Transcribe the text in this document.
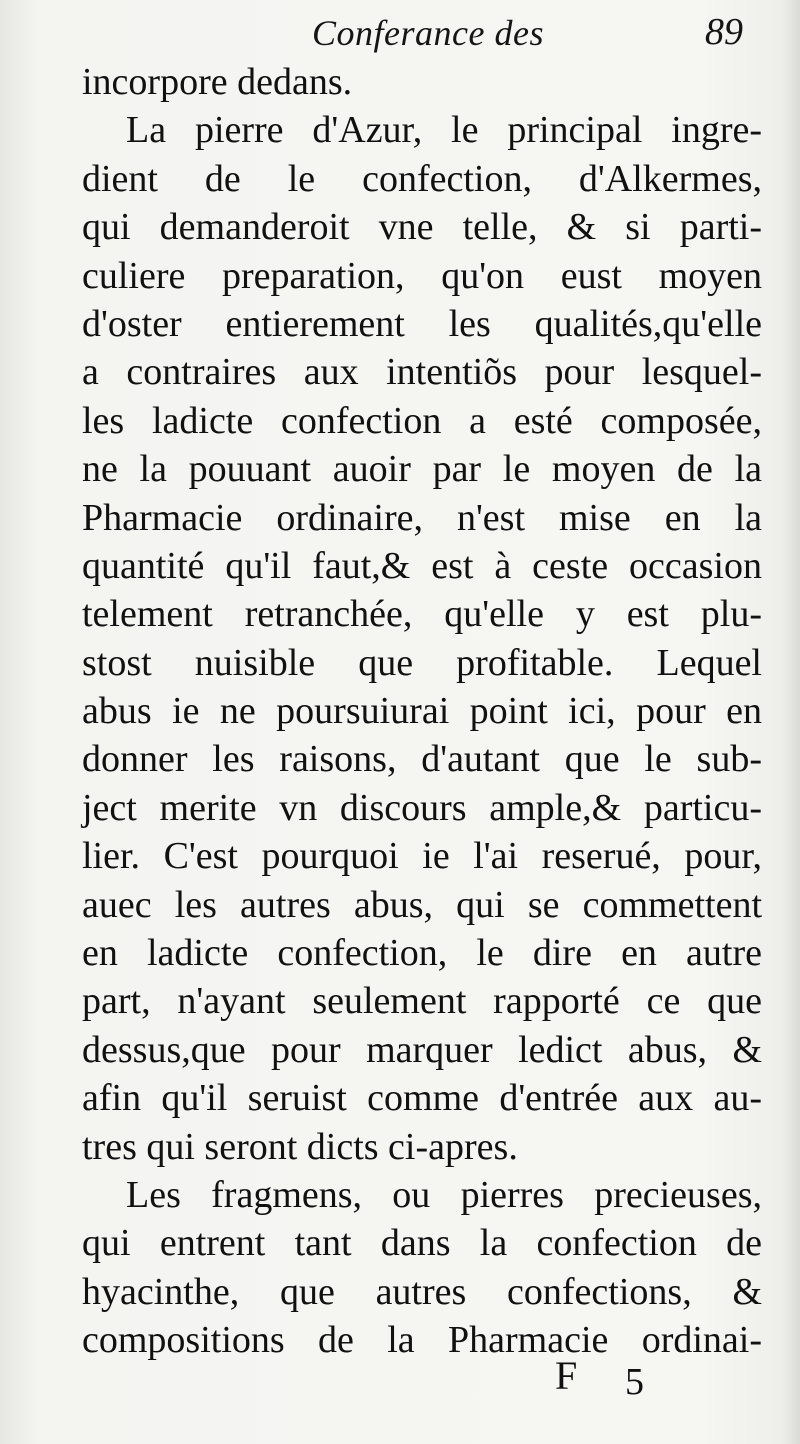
Conferance des	89
incorpore dedans.
La pierre d'Azur, le principal ingre-
dient de le confection, d'Alkermes,
qui demanderoit vne telle, & si parti-
culiere preparation, qu'on eust moyen
d'oster entierement les qualités,qu'elle
a contraires aux intentiõs pour lesquel-
les ladicte confection a esté composée,
ne la pouuant auoir par le moyen de la
Pharmacie ordinaire, n'est mise en la
quantité qu'il faut,& est à ceste occasion
telement retranchée, qu'elle y est plu-
stost nuisible que profitable. Lequel
abus ie ne poursuiurai point ici, pour en
donner les raisons, d'autant que le sub-
ject merite vn discours ample,& particu-
lier. C'est pourquoi ie l'ai reserué, pour,
auec les autres abus, qui se commettent
en ladicte confection, le dire en autre
part, n'ayant seulement rapporté ce que
dessus,que pour marquer ledict abus, &
afin qu'il seruist comme d'entrée aux au-
tres qui seront dicts ci-apres.
Les fragmens, ou pierres precieuses,
qui entrent tant dans la confection de
hyacinthe, que autres confections, &
compositions de la Pharmacie ordinai-
F 5
